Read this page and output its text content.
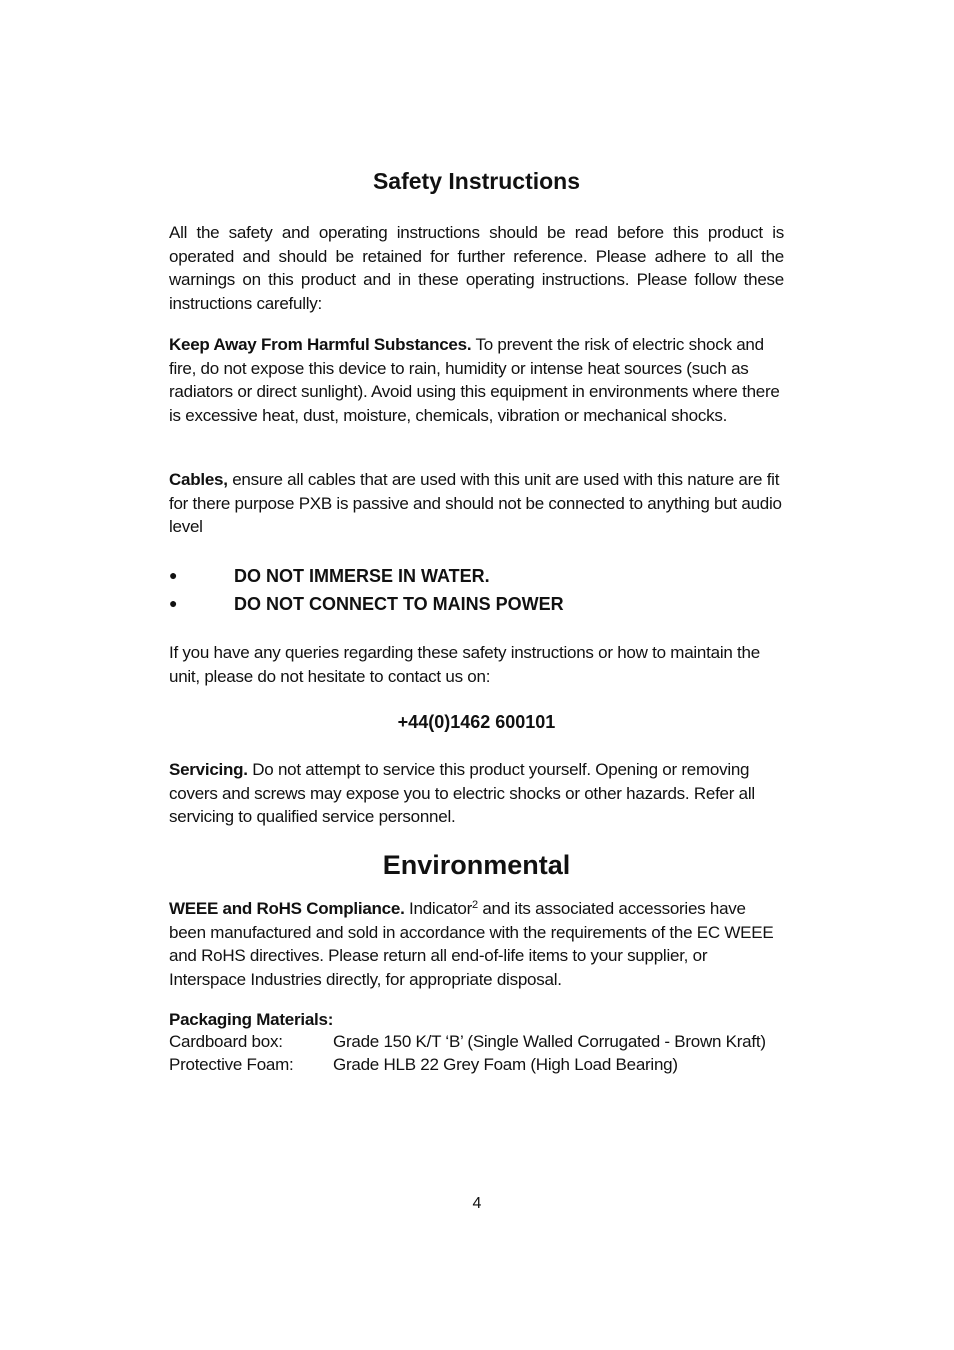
Safety Instructions
All the safety and operating instructions should be read before this product is operated and should be retained for further reference. Please adhere to all the warnings on this product and in these operating instructions. Please follow these instructions carefully:
Keep Away From Harmful Substances. To prevent the risk of electric shock and fire, do not expose this device to rain, humidity or intense heat sources (such as radiators or direct sunlight). Avoid using this equipment in environments where there is excessive heat, dust, moisture, chemicals, vibration or mechanical shocks.
Cables, ensure all cables that are used with this unit are used with this nature are fit for there purpose PXB is passive and should not be connected to anything but audio level
●	DO NOT IMMERSE IN WATER.
●	DO NOT CONNECT TO MAINS POWER
If you have any queries regarding these safety instructions or how to maintain the unit, please do not hesitate to contact us on:
+44(0)1462 600101
Servicing. Do not attempt to service this product yourself. Opening or removing covers and screws may expose you to electric shocks or other hazards. Refer all servicing to qualified service personnel.
Environmental
WEEE and RoHS Compliance. Indicator$^2$ and its associated accessories have been manufactured and sold in accordance with the requirements of the EC WEEE and RoHS directives. Please return all end-of-life items to your supplier, or Interspace Industries directly, for appropriate disposal.
Packaging Materials:
Cardboard box:	Grade 150 K/T ‘B’ (Single Walled Corrugated - Brown Kraft)
Protective Foam: Grade HLB 22 Grey Foam (High Load Bearing)
4
